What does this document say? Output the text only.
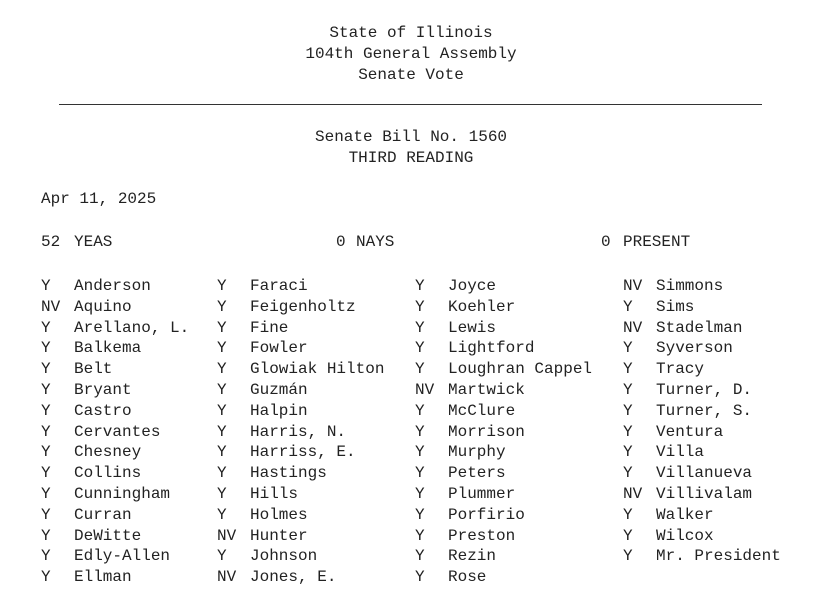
State of Illinois
104th General Assembly
Senate Vote
Senate Bill No. 1560
THIRD READING
Apr 11, 2025
52 YEAS	0 NAYS	0 PRESENT
Y Anderson
NV Aquino
Y Arellano, L.
Y Balkema
Y Belt
Y Bryant
Y Castro
Y Cervantes
Y Chesney
Y Collins
Y Cunningham
Y Curran
Y DeWitte
Y Edly-Allen
Y Ellman
Y Faraci
Y Feigenholtz
Y Fine
Y Fowler
Y Glowiak Hilton
Y Guzmán
Y Halpin
Y Harris, N.
Y Harriss, E.
Y Hastings
Y Hills
Y Holmes
NV Hunter
Y Johnson
NV Jones, E.
Y Joyce
Y Koehler
Y Lewis
Y Lightford
Y Loughran Cappel
NV Martwick
Y McClure
Y Morrison
Y Murphy
Y Peters
Y Plummer
Y Porfirio
Y Preston
Y Rezin
Y Rose
NV Simmons
Y Sims
NV Stadelman
Y Syverson
Y Tracy
Y Turner, D.
Y Turner, S.
Y Ventura
Y Villa
Y Villanueva
NV Villivalam
Y Walker
Y Wilcox
Y Mr. President
